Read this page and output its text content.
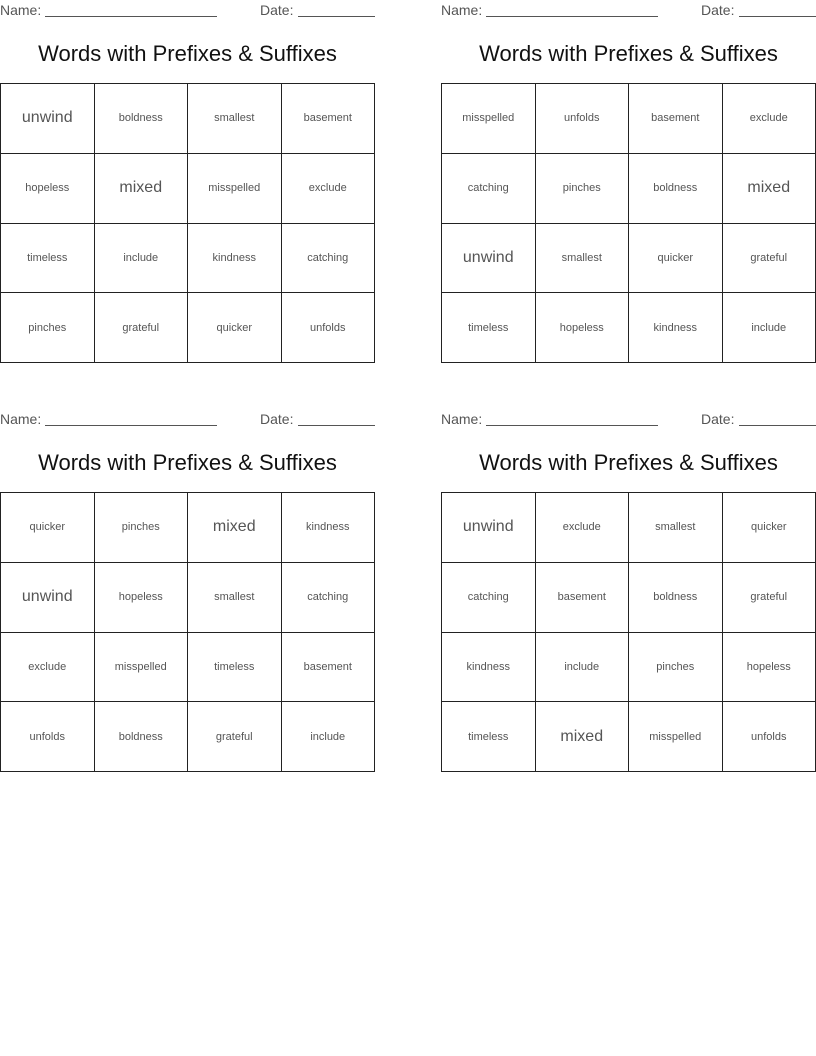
Name:	Date:
Words with Prefixes & Suffixes
unwind	boldness	smallest	basement
hopeless	mixed	misspelled	exclude
timeless	include	kindness	catching
pinches	grateful	quicker	unfolds
Name:	Date:
Words with Prefixes & Suffixes
misspelled	unfolds	basement	exclude
catching	pinches	boldness	mixed
unwind	smallest	quicker	grateful
timeless	hopeless	kindness	include
Name:	Date:
Words with Prefixes & Suffixes
quicker	pinches	mixed	kindness
unwind	hopeless	smallest	catching
exclude	misspelled	timeless	basement
unfolds	boldness	grateful	include
Name:	Date:
Words with Prefixes & Suffixes
unwind	exclude	smallest	quicker
catching	basement	boldness	grateful
kindness	include	pinches	hopeless
timeless	mixed	misspelled	unfolds
